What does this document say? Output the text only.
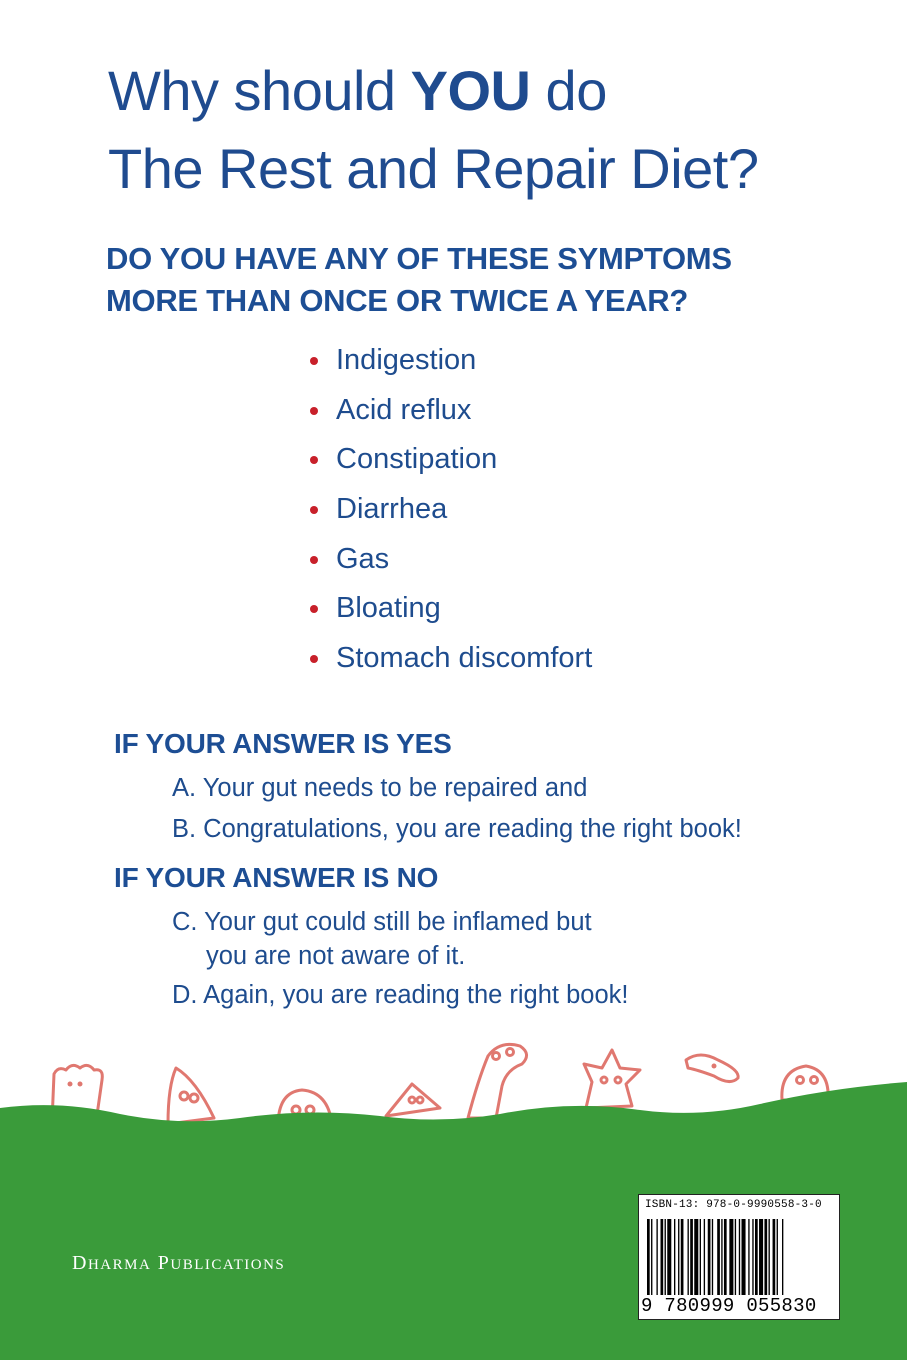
Why should YOU do
The Rest and Repair Diet?
DO YOU HAVE ANY OF THESE SYMPTOMS
MORE THAN ONCE OR TWICE A YEAR?
Indigestion
Acid reflux
Constipation
Diarrhea
Gas
Bloating
Stomach discomfort
IF YOUR ANSWER IS YES
A. Your gut needs to be repaired and
B. Congratulations, you are reading the right book!
IF YOUR ANSWER IS NO
C. Your gut could still be inflamed but
you are not aware of it.
D. Again, you are reading the right book!
DHARMA PUBLICATIONS
ISBN-13: 978-0-9990558-3-0
9 780999 055830
